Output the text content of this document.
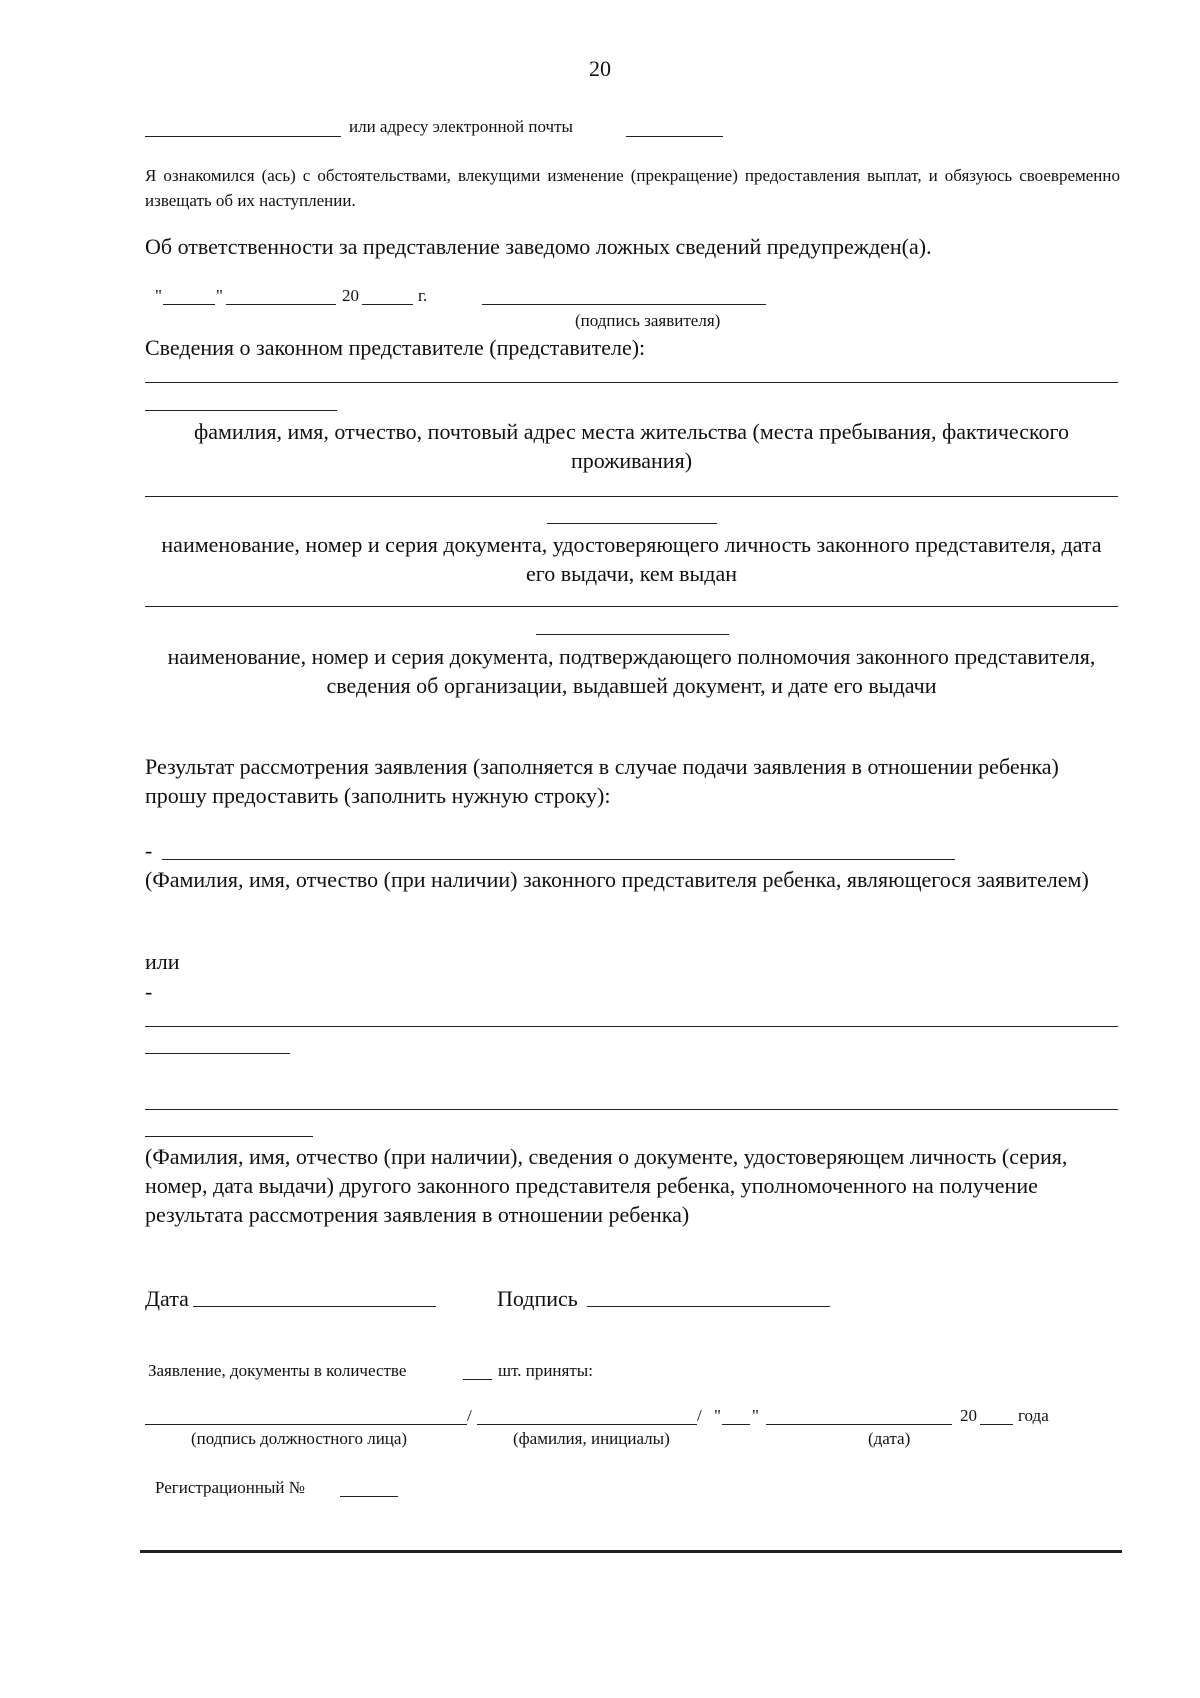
20
или адресу электронной почты
Я ознакомился (ась) с обстоятельствами, влекущими изменение (прекращение) предоставления выплат, и обязуюсь своевременно извещать об их наступлении.
Об ответственности за представление заведомо ложных сведений предупрежден(а).
"	"	20	г.
(подпись заявителя)
Сведения о законном представителе (представителе):
фамилия, имя, отчество, почтовый адрес места жительства (места пребывания, фактического проживания)
наименование, номер и серия документа, удостоверяющего личность законного представителя, дата его выдачи, кем выдан
наименование, номер и серия документа, подтверждающего полномочия законного представителя, сведения об организации, выдавшей документ, и дате его выдачи
Результат рассмотрения заявления (заполняется в случае подачи заявления в отношении ребенка) прошу предоставить (заполнить нужную строку):
-
(Фамилия, имя, отчество (при наличии) законного представителя ребенка, являющегося заявителем)
или
-
(Фамилия, имя, отчество (при наличии), сведения о документе, удостоверяющем личность (серия, номер, дата выдачи) другого законного представителя ребенка, уполномоченного на получение результата рассмотрения заявления в отношении ребенка)
Дата	Подпись
Заявление, документы в количестве	шт. приняты:
/	/ " "	20 года
(подпись должностного лица)	(фамилия, инициалы)	(дата)
Регистрационный №
